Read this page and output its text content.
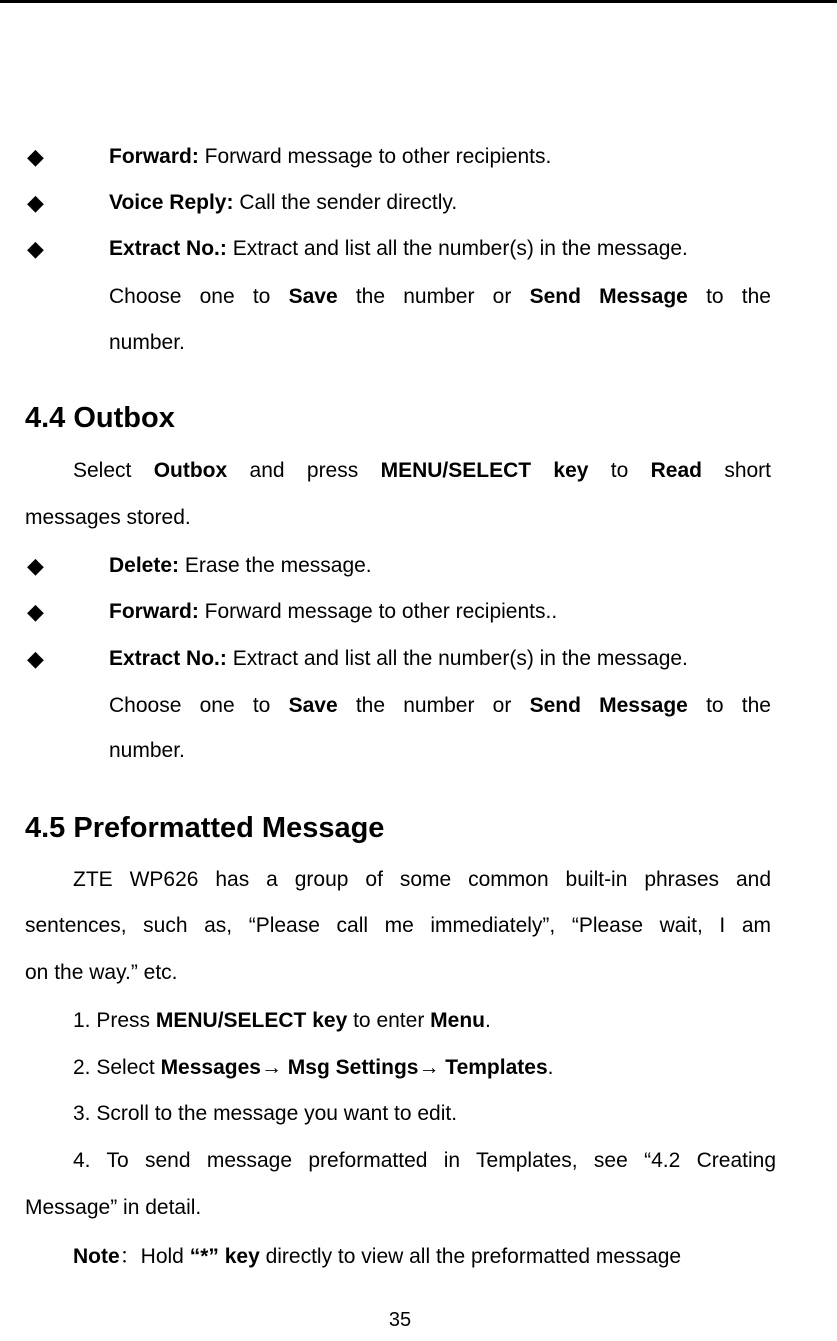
◆	Forward: Forward message to other recipients.
◆	Voice Reply: Call the sender directly.
◆	Extract No.: Extract and list all the number(s) in the message.
Choose one to Save the number or Send Message to the
number.
4.4 Outbox
Select Outbox and press MENU/SELECT key to Read short
messages stored.
◆	Delete: Erase the message.
◆	Forward: Forward message to other recipients..
◆	Extract No.: Extract and list all the number(s) in the message.
Choose one to Save the number or Send Message to the
number.
4.5 Preformatted Message
ZTE WP626 has a group of some common built-in phrases and
sentences, such as, “Please call me immediately”, “Please wait, I am
on the way.” etc.
1. Press MENU/SELECT key to enter Menu.
2. Select Messages→ Msg Settings→ Templates.
3. Scroll to the message you want to edit.
4. To send message preformatted in Templates, see “4.2 Creating
Message” in detail.
Note：Hold “*” key directly to view all the preformatted message
35
